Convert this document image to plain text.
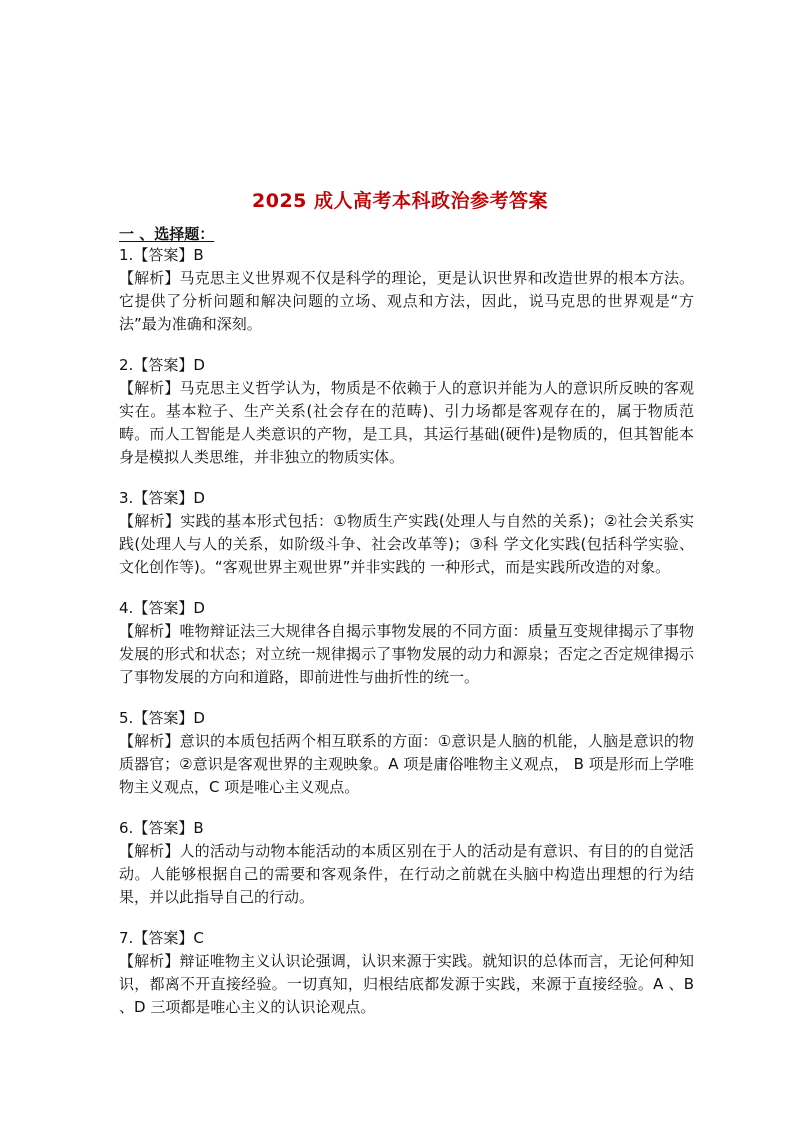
2025 成人高考本科政治参考答案
一 、选择题：
1.【答案】B
【解析】马克思主义世界观不仅是科学的理论，更是认识世界和改造世界的根本方法。它提供了分析问题和解决问题的立场、观点和方法，因此，说马克思的世界观是“方法”最为准确和深刻。
2.【答案】D
【解析】马克思主义哲学认为，物质是不依赖于人的意识并能为人的意识所反映的客观实在。基本粒子、生产关系(社会存在的范畴)、引力场都是客观存在的，属于物质范畴。而人工智能是人类意识的产物，是工具，其运行基础(硬件)是物质的，但其智能本身是模拟人类思维，并非独立的物质实体。
3.【答案】D
【解析】实践的基本形式包括：①物质生产实践(处理人与自然的关系)；②社会关系实践(处理人与人的关系，如阶级斗争、社会改革等)；③科 学文化实践(包括科学实验、文化创作等)。“客观世界主观世界”并非实践的 一种形式，而是实践所改造的对象。
4.【答案】D
【解析】唯物辩证法三大规律各自揭示事物发展的不同方面：质量互变规律揭示了事物发展的形式和状态；对立统一规律揭示了事物发展的动力和源泉；否定之否定规律揭示了事物发展的方向和道路，即前进性与曲折性的统一。
5.【答案】D
【解析】意识的本质包括两个相互联系的方面：①意识是人脑的机能，人脑是意识的物质器官；②意识是客观世界的主观映象。A 项是庸俗唯物主义观点， B 项是形而上学唯物主义观点，C 项是唯心主义观点。
6.【答案】B
【解析】人的活动与动物本能活动的本质区别在于人的活动是有意识、有目的的自觉活动。人能够根据自己的需要和客观条件，在行动之前就在头脑中构造出理想的行为结果，并以此指导自己的行动。
7.【答案】C
【解析】辩证唯物主义认识论强调，认识来源于实践。就知识的总体而言，无论何种知识，都离不开直接经验。一切真知，归根结底都发源于实践，来源于直接经验。A 、B 、D 三项都是唯心主义的认识论观点。
